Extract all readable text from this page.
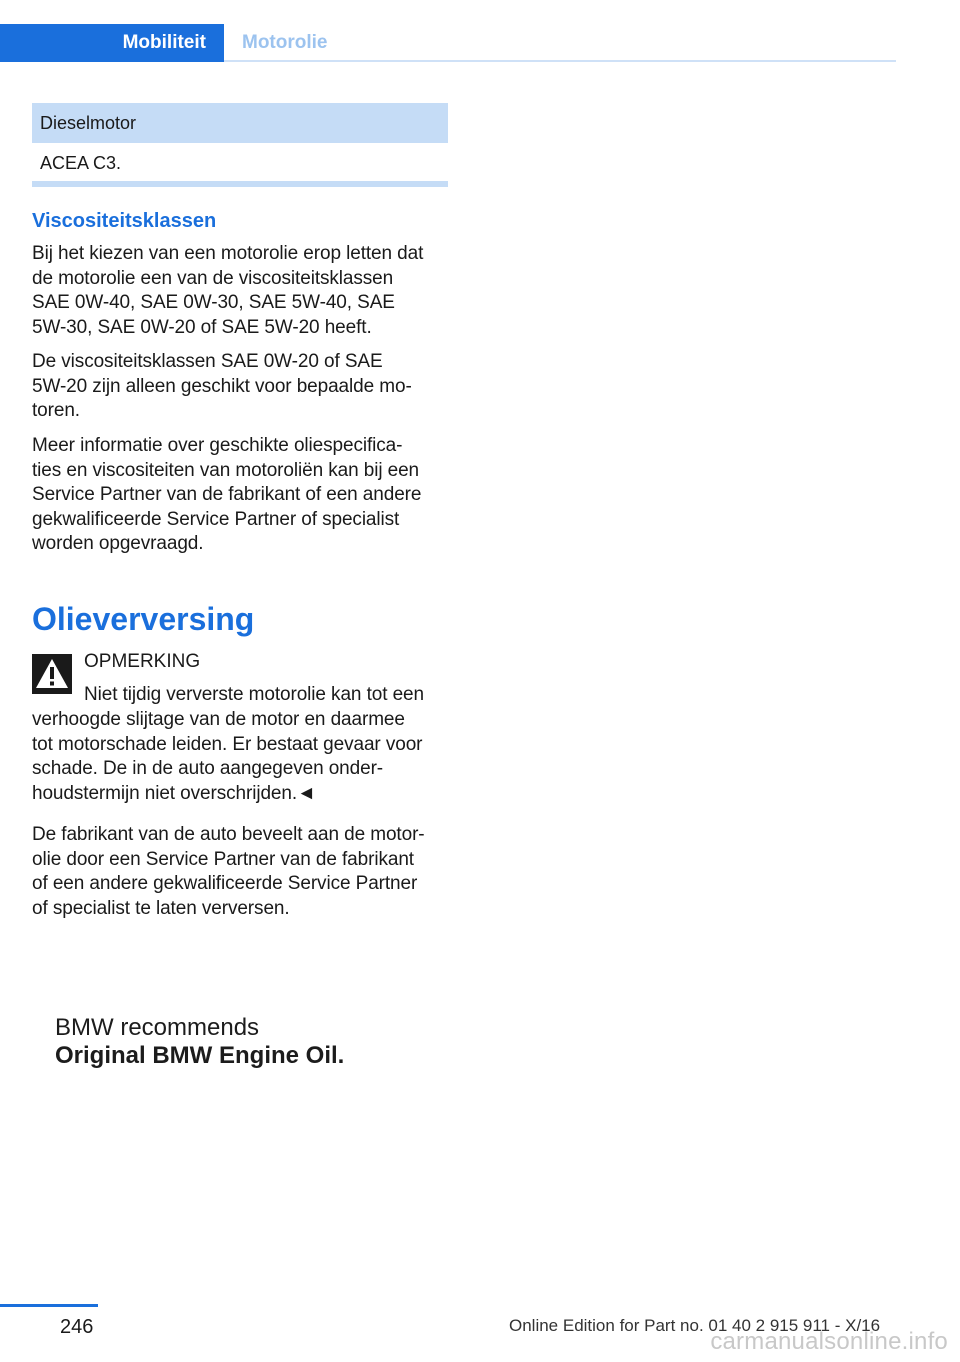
Mobiliteit Motorolie
Dieselmotor
ACEA C3.
Viscositeitsklassen

Bij het kiezen van een motorolie erop letten dat
de motorolie een van de viscositeitsklassen
SAE 0W-40, SAE 0W-30, SAE 5W-40, SAE
5W-30, SAE 0W-20 of SAE 5W-20 heeft.

De viscositeitsklassen SAE 0W-20 of SAE
5W-20 zijn alleen geschikt voor bepaalde mo‐
toren.

Meer informatie over geschikte oliespecifica‐
ties en viscositeiten van motoroliën kan bij een
Service Partner van de fabrikant of een andere
gekwalificeerde Service Partner of specialist
worden opgevraagd.

Olieverversing
OPMERKING

Niet tijdig ververste motorolie kan tot een

verhoogde slijtage van de motor en daarmee
tot motorschade leiden. Er bestaat gevaar voor
schade. De in de auto aangegeven onder‐
houdstermijn niet overschrijden.◄

De fabrikant van de auto beveelt aan de motor‐
olie door een Service Partner van de fabrikant
of een andere gekwalificeerde Service Partner
of specialist te laten verversen.

BMW recommends
Original BMW Engine Oil.
246	Online Edition for Part no. 01 40 2 915 911 - X/16
carmanualsonline.info
